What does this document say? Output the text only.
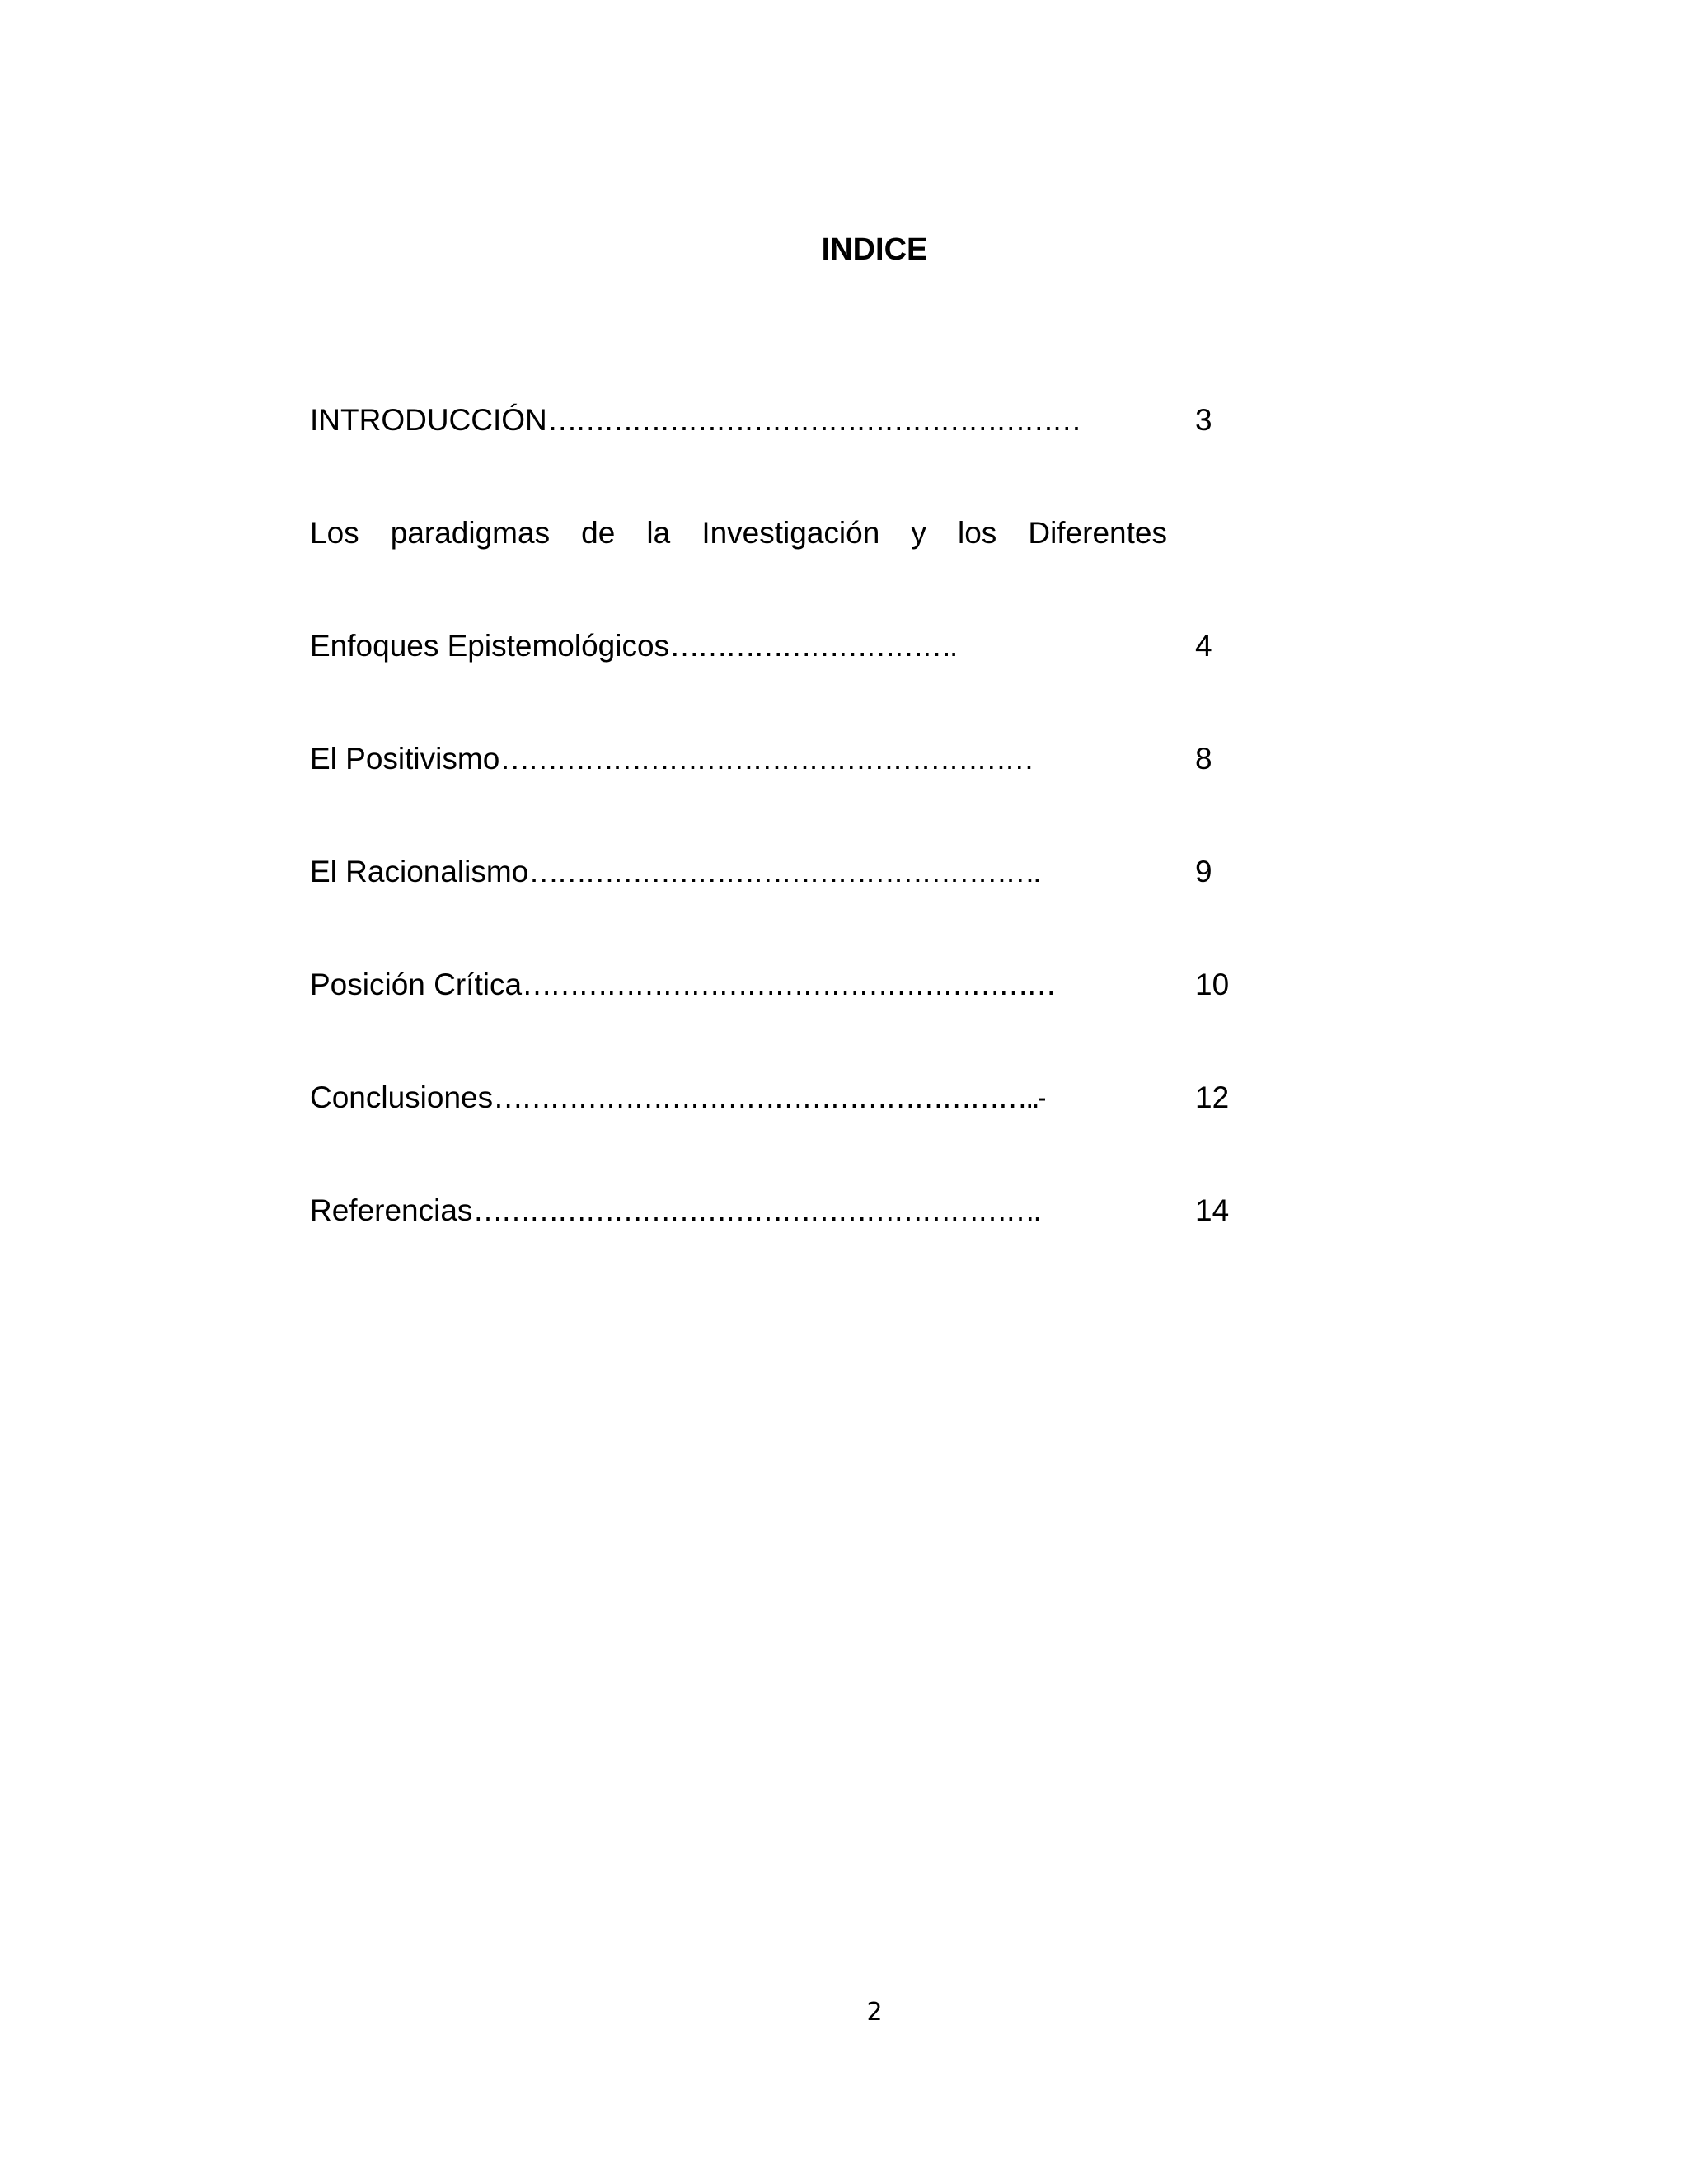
INDICE
INTRODUCCIÓN…………………………………………………	3
Los paradigmas de la Investigación y los Diferentes
Enfoques Epistemológicos………………………….	4
El Positivismo…………………………………………………	8
El Racionalismo……………………………………………….	9
Posición Crítica…………………………………………………	10
Conclusiones…………………………………………………..-	12
Referencias…………………………………………………….	14
2
